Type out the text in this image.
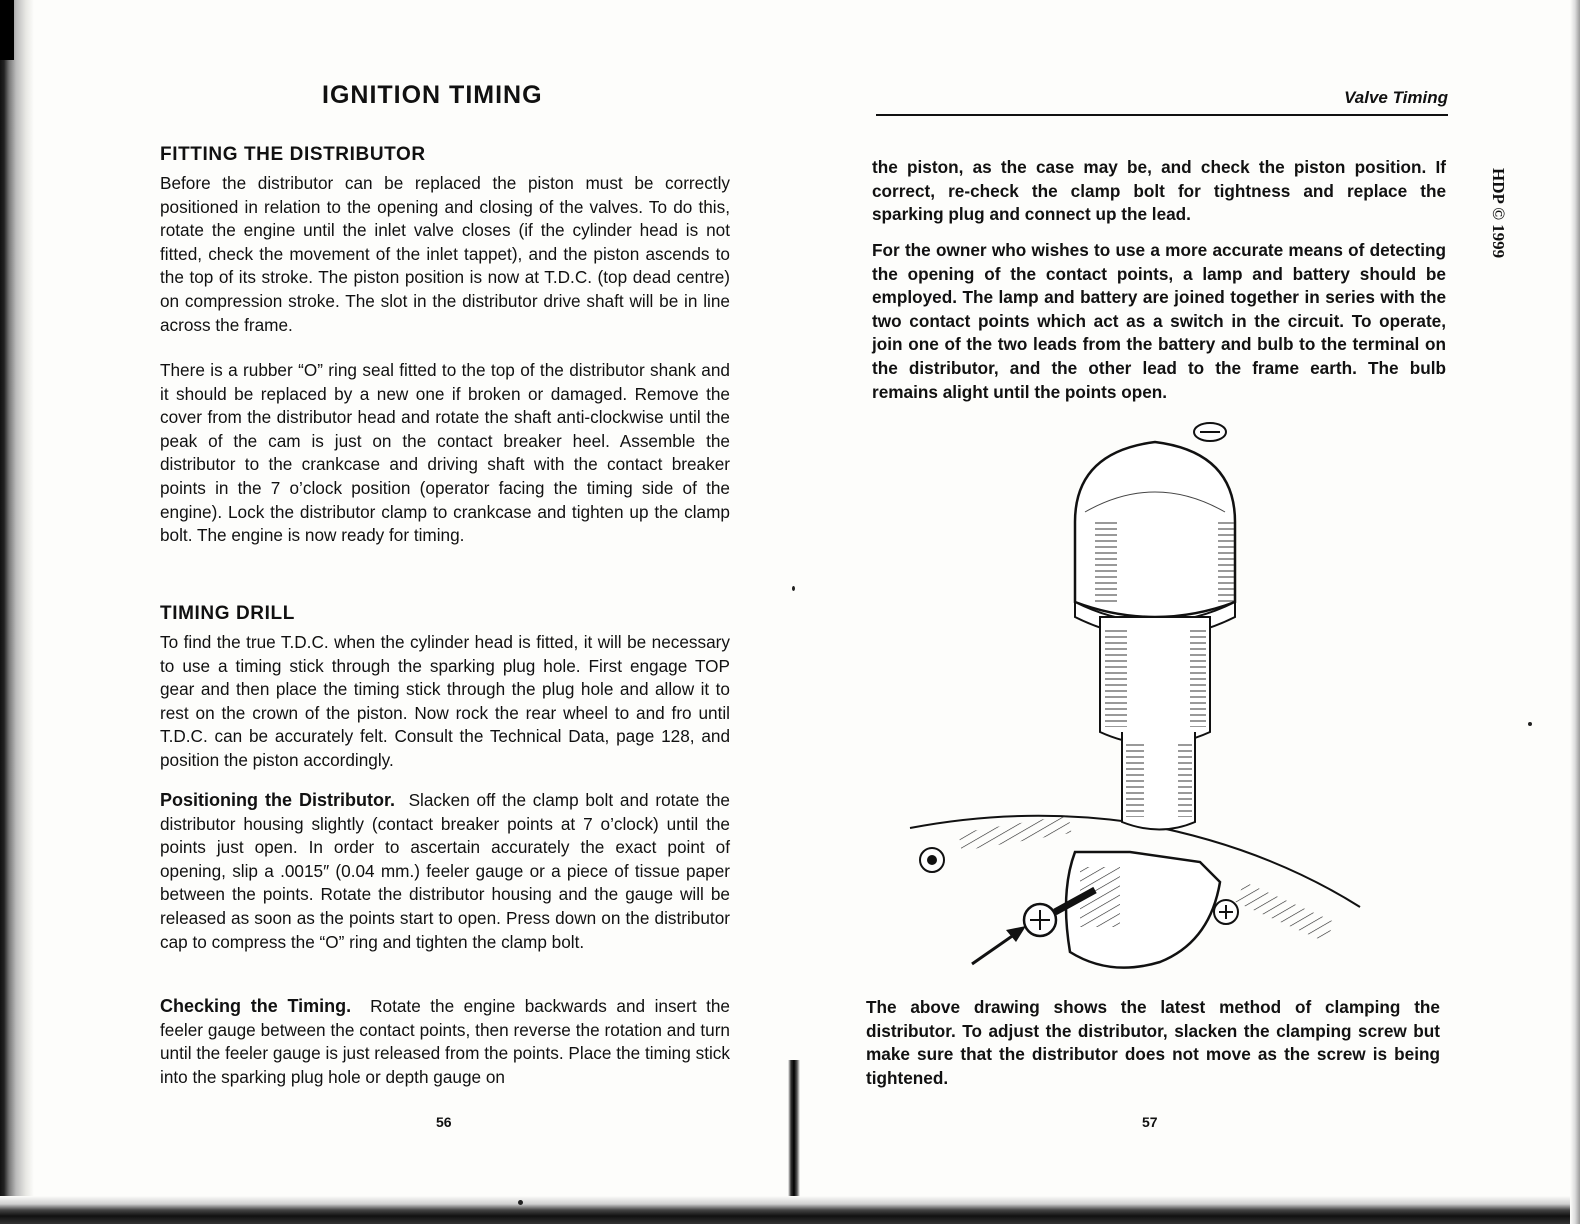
IGNITION TIMING
FITTING THE DISTRIBUTOR

Before the distributor can be replaced the piston must be correctly positioned in relation to the opening and closing of the valves. To do this, rotate the engine until the inlet valve closes (if the cylinder head is not fitted, check the movement of the inlet tappet), and the piston ascends to the top of its stroke. The piston position is now at T.D.C. (top dead centre) on compression stroke. The slot in the distributor drive shaft will be in line across the frame.

There is a rubber “O” ring seal fitted to the top of the distributor shank and it should be replaced by a new one if broken or damaged. Remove the cover from the distributor head and rotate the shaft anti-clockwise until the peak of the cam is just on the contact breaker heel. Assemble the distributor to the crankcase and driving shaft with the contact breaker points in the 7 o’clock position (operator facing the timing side of the engine). Lock the distributor clamp to crankcase and tighten up the clamp bolt. The engine is now ready for timing.

TIMING DRILL

To find the true T.D.C. when the cylinder head is fitted, it will be necessary to use a timing stick through the sparking plug hole. First engage TOP gear and then place the timing stick through the plug hole and allow it to rest on the crown of the piston. Now rock the rear wheel to and fro until T.D.C. can be accurately felt. Consult the Technical Data, page 128, and position the piston accordingly.

Positioning the Distributor. Slacken off the clamp bolt and rotate the distributor housing slightly (contact breaker points at 7 o’clock) until the points just open. In order to ascertain accurately the exact point of opening, slip a .0015″ (0.04 mm.) feeler gauge or a piece of tissue paper between the points. Rotate the distributor housing and the gauge will be released as soon as the points start to open. Press down on the distributor cap to compress the “O” ring and tighten the clamp bolt.

Checking the Timing. Rotate the engine backwards and insert the feeler gauge between the contact points, then reverse the rotation and turn until the feeler gauge is just released from the points. Place the timing stick into the sparking plug hole or depth gauge on

56
Valve Timing

the piston, as the case may be, and check the piston position. If correct, re-check the clamp bolt for tightness and replace the sparking plug and connect up the lead.

For the owner who wishes to use a more accurate means of detecting the opening of the contact points, a lamp and battery should be employed. The lamp and battery are joined together in series with the two contact points which act as a switch in the circuit. To operate, join one of the two leads from the battery and bulb to the terminal on the distributor, and the other lead to the frame earth. The bulb remains alight until the points open.

The above drawing shows the latest method of clamping the distributor. To adjust the distributor, slacken the clamping screw but make sure that the distributor does not move as the screw is being tightened.

57
HDP © 1999
